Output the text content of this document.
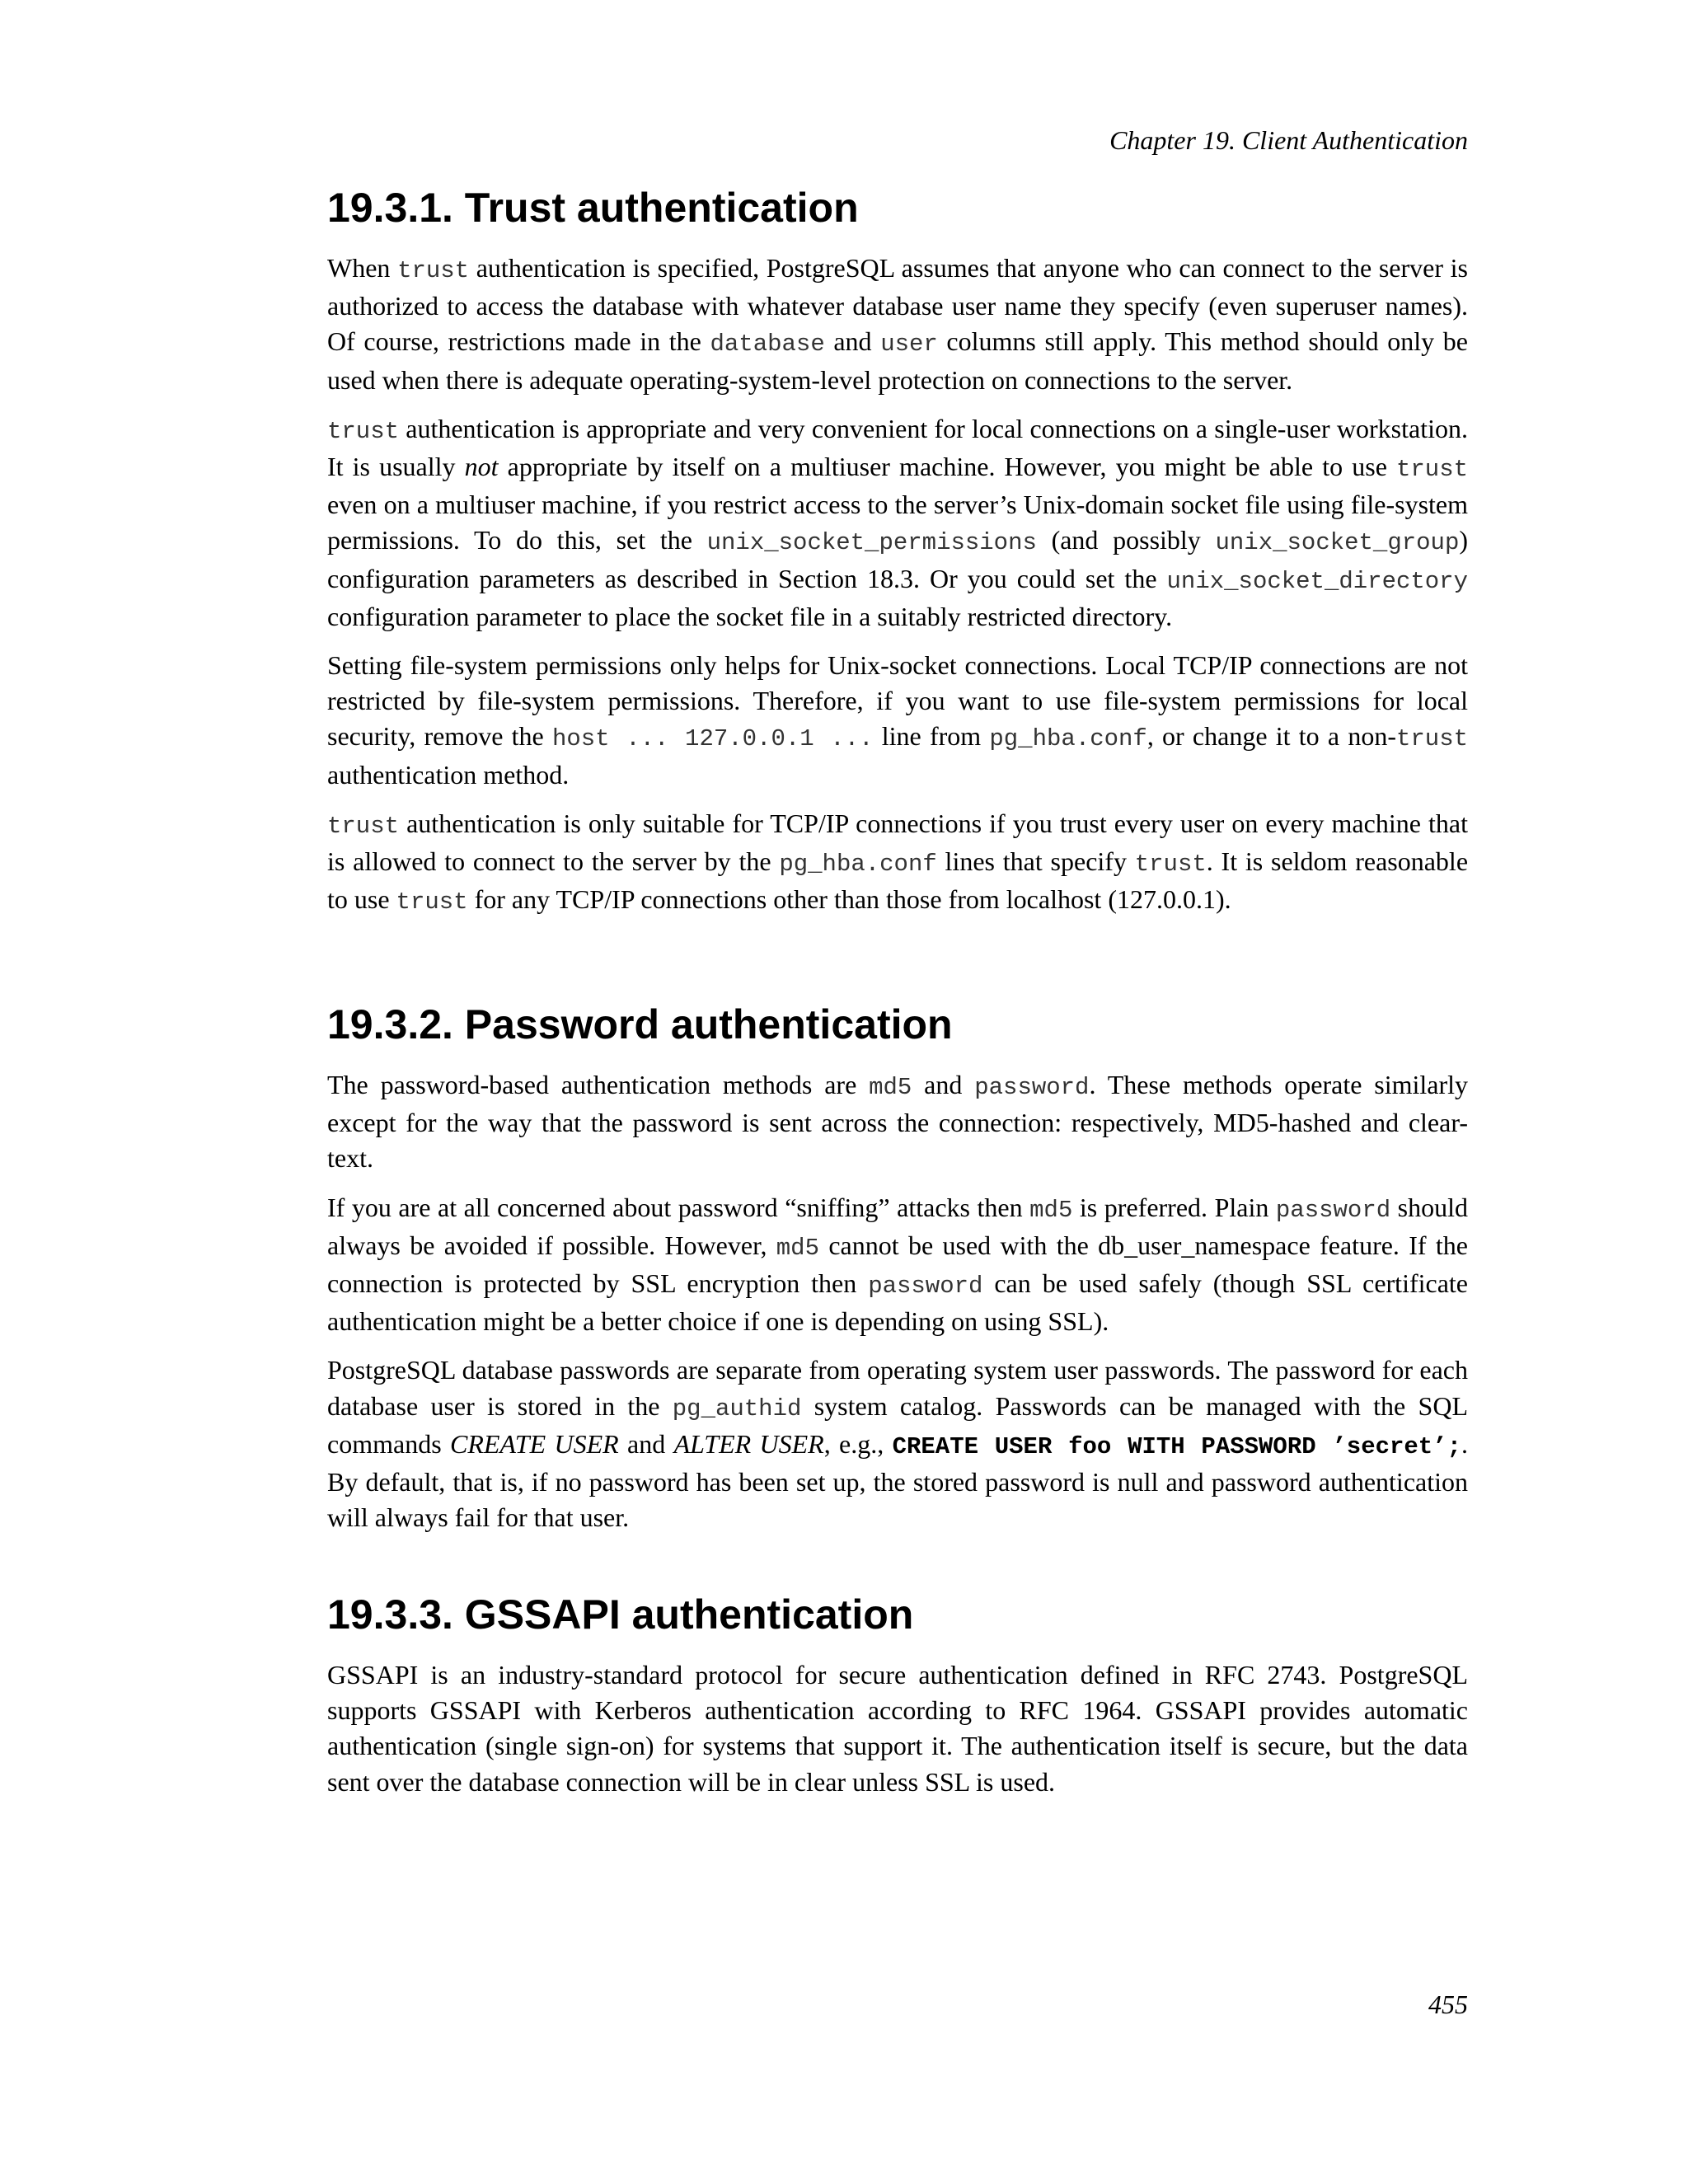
Chapter 19. Client Authentication
19.3.1. Trust authentication

When trust authentication is specified, PostgreSQL assumes that anyone who can connect to the server is authorized to access the database with whatever database user name they specify (even superuser names). Of course, restrictions made in the database and user columns still apply. This method should only be used when there is adequate operating-system-level protection on connections to the server.

trust authentication is appropriate and very convenient for local connections on a single-user workstation. It is usually not appropriate by itself on a multiuser machine. However, you might be able to use trust even on a multiuser machine, if you restrict access to the server’s Unix-domain socket file using file-system permissions. To do this, set the unix_socket_permissions (and possibly unix_socket_group) configuration parameters as described in Section 18.3. Or you could set the unix_socket_directory configuration parameter to place the socket file in a suitably restricted directory.

Setting file-system permissions only helps for Unix-socket connections. Local TCP/IP connections are not restricted by file-system permissions. Therefore, if you want to use file-system permissions for local security, remove the host ... 127.0.0.1 ... line from pg_hba.conf, or change it to a non-trust authentication method.

trust authentication is only suitable for TCP/IP connections if you trust every user on every machine that is allowed to connect to the server by the pg_hba.conf lines that specify trust. It is seldom reasonable to use trust for any TCP/IP connections other than those from localhost (127.0.0.1).

19.3.2. Password authentication

The password-based authentication methods are md5 and password. These methods operate similarly except for the way that the password is sent across the connection: respectively, MD5-hashed and clear-text.

If you are at all concerned about password “sniffing” attacks then md5 is preferred. Plain password should always be avoided if possible. However, md5 cannot be used with the db_user_namespace feature. If the connection is protected by SSL encryption then password can be used safely (though SSL certificate authentication might be a better choice if one is depending on using SSL).

PostgreSQL database passwords are separate from operating system user passwords. The password for each database user is stored in the pg_authid system catalog. Passwords can be managed with the SQL commands CREATE USER and ALTER USER, e.g., CREATE USER foo WITH PASSWORD ’secret’;. By default, that is, if no password has been set up, the stored password is null and password authentication will always fail for that user.

19.3.3. GSSAPI authentication

GSSAPI is an industry-standard protocol for secure authentication defined in RFC 2743. PostgreSQL supports GSSAPI with Kerberos authentication according to RFC 1964. GSSAPI provides automatic authentication (single sign-on) for systems that support it. The authentication itself is secure, but the data sent over the database connection will be in clear unless SSL is used.

455
